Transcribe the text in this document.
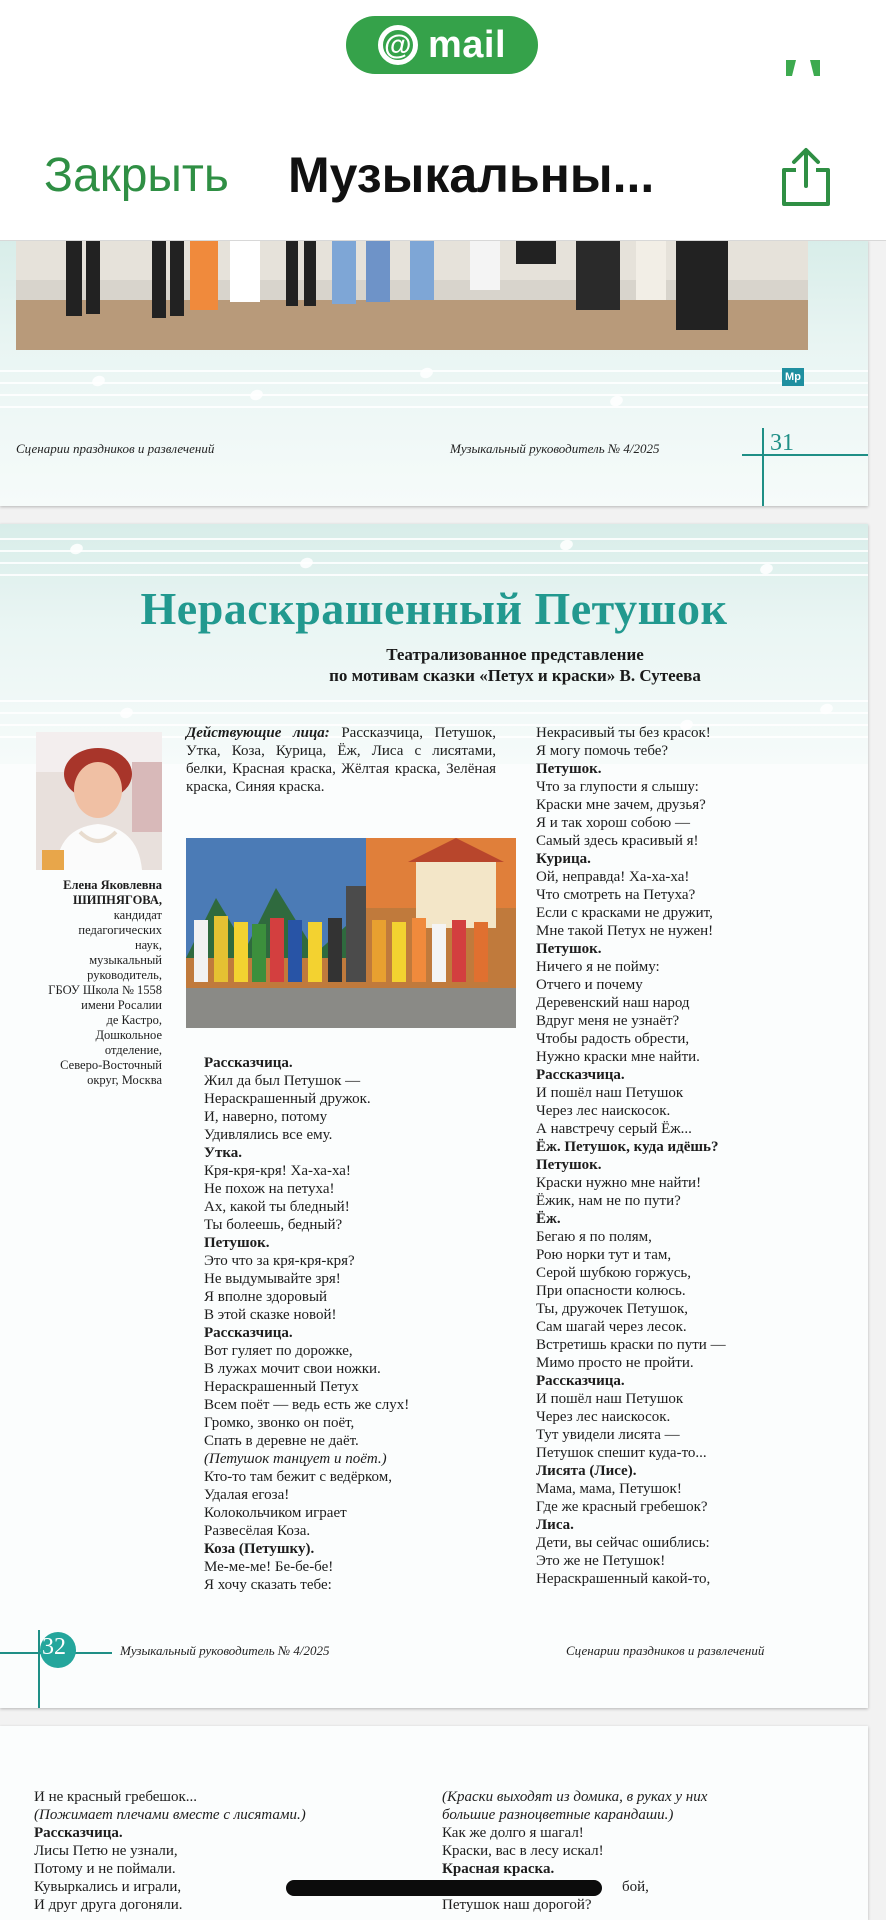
@ mail
Закрыть Музыкальны...
Мр
Сценарии праздников и развлечений	Музыкальный руководитель № 4/2025	31
Нераскрашенный Петушок
Театрализованное представление
по мотивам сказки «Петух и краски» В. Сутеева
Елена Яковлевна
ШИПНЯГОВА,
кандидат
педагогических
наук,
музыкальный
руководитель,
ГБОУ Школа № 1558
имени Росалии
де Кастро,
Дошкольное
отделение,
Северо-Восточный
округ, Москва
Действующие лица: Рассказчица, Петушок, Утка, Коза, Курица, Ёж, Лиса с лисятами, белки, Красная краска, Жёлтая краска, Зелёная краска, Синяя краска.
Рассказчица.
Жил да был Петушок —
Нераскрашенный дружок.
И, наверно, потому
Удивлялись все ему.
Утка.
Кря-кря-кря! Ха-ха-ха!
Не похож на петуха!
Ах, какой ты бледный!
Ты болеешь, бедный?
Петушок.
Это что за кря-кря-кря?
Не выдумывайте зря!
Я вполне здоровый
В этой сказке новой!
Рассказчица.
Вот гуляет по дорожке,
В лужах мочит свои ножки.
Нераскрашенный Петух
Всем поёт — ведь есть же слух!
Громко, звонко он поёт,
Спать в деревне не даёт.
(Петушок танцует и поёт.)
Кто-то там бежит с ведёрком,
Удалая егоза!
Колокольчиком играет
Развесёлая Коза.
Коза (Петушку).
Ме-ме-ме! Бе-бе-бе!
Я хочу сказать тебе:
Некрасивый ты без красок!
Я могу помочь тебе?
Петушок.
Что за глупости я слышу:
Краски мне зачем, друзья?
Я и так хорош собою —
Самый здесь красивый я!
Курица.
Ой, неправда! Ха-ха-ха!
Что смотреть на Петуха?
Если с красками не дружит,
Мне такой Петух не нужен!
Петушок.
Ничего я не пойму:
Отчего и почему
Деревенский наш народ
Вдруг меня не узнаёт?
Чтобы радость обрести,
Нужно краски мне найти.
Рассказчица.
И пошёл наш Петушок
Через лес наискосок.
А навстречу серый Ёж...
Ёж. Петушок, куда идёшь?
Петушок.
Краски нужно мне найти!
Ёжик, нам не по пути?
Ёж.
Бегаю я по полям,
Рою норки тут и там,
Серой шубкою горжусь,
При опасности колюсь.
Ты, дружочек Петушок,
Сам шагай через лесок.
Встретишь краски по пути —
Мимо просто не пройти.
Рассказчица.
И пошёл наш Петушок
Через лес наискосок.
Тут увидели лисята —
Петушок спешит куда-то...
Лисята (Лисе).
Мама, мама, Петушок!
Где же красный гребешок?
Лиса.
Дети, вы сейчас ошиблись:
Это же не Петушок!
Нераскрашенный какой-то,
32	Музыкальный руководитель № 4/2025	Сценарии праздников и развлечений
И не красный гребешок...
(Пожимает плечами вместе с лисятами.)
Рассказчица.
Лисы Петю не узнали,
Потому и не поймали.
Кувыркались и играли,
И друг друга догоняли.
(Краски выходят из домика, в руках у них
большие разноцветные карандаши.)
Как же долго я шагал!
Краски, вас в лесу искал!
Красная краска.
бой,
Петушок наш дорогой?
